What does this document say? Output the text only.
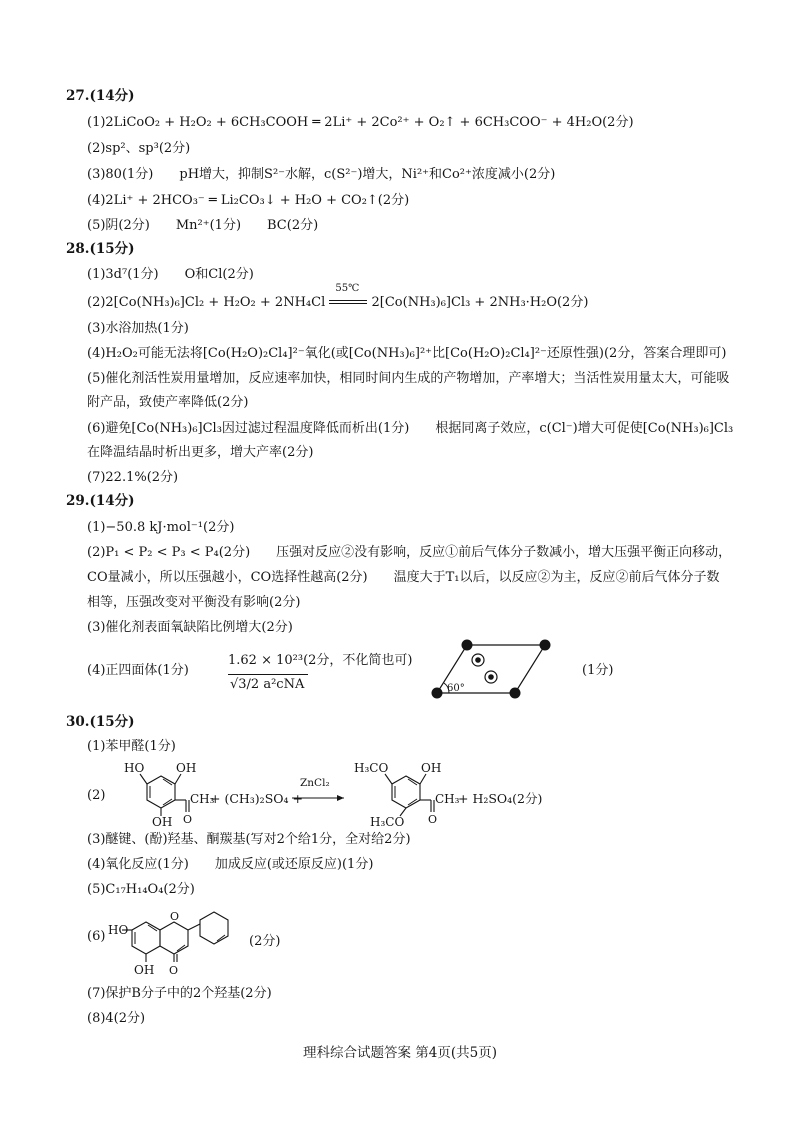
27.(14分)
(1)2LiCoO₂ + H₂O₂ + 6CH₃COOH ═ 2Li⁺ + 2Co²⁺ + O₂↑ + 6CH₃COO⁻ + 4H₂O(2分)
(2)sp²、sp³(2分)
(3)80(1分) pH增大，抑制S²⁻水解，c(S²⁻)增大，Ni²⁺和Co²⁺浓度减小(2分)
(4)2Li⁺ + 2HCO₃⁻ ═ Li₂CO₃↓ + H₂O + CO₂↑(2分)
(5)阴(2分) Mn²⁺(1分) BC(2分)
28.(15分)
(1)3d⁷(1分) O和Cl(2分)
(2)2[Co(NH₃)₆]Cl₂ + H₂O₂ + 2NH₄Cl
55℃
2[Co(NH₃)₆]Cl₃ + 2NH₃·H₂O(2分)
(3)水浴加热(1分)
(4)H₂O₂可能无法将[Co(H₂O)₂Cl₄]²⁻氧化(或[Co(NH₃)₆]²⁺比[Co(H₂O)₂Cl₄]²⁻还原性强)(2分，答案合理即可)
(5)催化剂活性炭用量增加，反应速率加快，相同时间内生成的产物增加，产率增大；当活性炭用量太大，可能吸
附产品，致使产率降低(2分)
(6)避免[Co(NH₃)₆]Cl₃因过滤过程温度降低而析出(1分) 根据同离子效应，c(Cl⁻)增大可促使[Co(NH₃)₆]Cl₃
在降温结晶时析出更多，增大产率(2分)
(7)22.1%(2分)
29.(14分)
(1)−50.8 kJ·mol⁻¹(2分)
(2)P₁ < P₂ < P₃ < P₄(2分) 压强对反应②没有影响，反应①前后气体分子数减小，增大压强平衡正向移动，
CO量减小，所以压强越小，CO选择性越高(2分) 温度大于T₁以后，以反应②为主，反应②前后气体分子数
相等，压强改变对平衡没有影响(2分)
(3)催化剂表面氧缺陷比例增大(2分)
(4)正四面体(1分)
1.62 × 10²³(2分，不化简也可)
√3/2 a²cNA	60°
(1分)
30.(15分)
(1)苯甲醛(1分)
(2)
HO	OH
OH
CH₃
O
+ (CH₃)₂SO₄ +
ZnCl₂
H₃CO	OH
H₃CO
CH₃
O
+ H₂SO₄(2分)
(3)醚键、(酚)羟基、酮羰基(写对2个给1分，全对给2分)
(4)氧化反应(1分) 加成反应(或还原反应)(1分)
(5)C₁₇H₁₄O₄(2分)
(6) HO
O
OH O
(2分)
(7)保护B分子中的2个羟基(2分)
(8)4(2分)
理科综合试题答案 第4页(共5页)
